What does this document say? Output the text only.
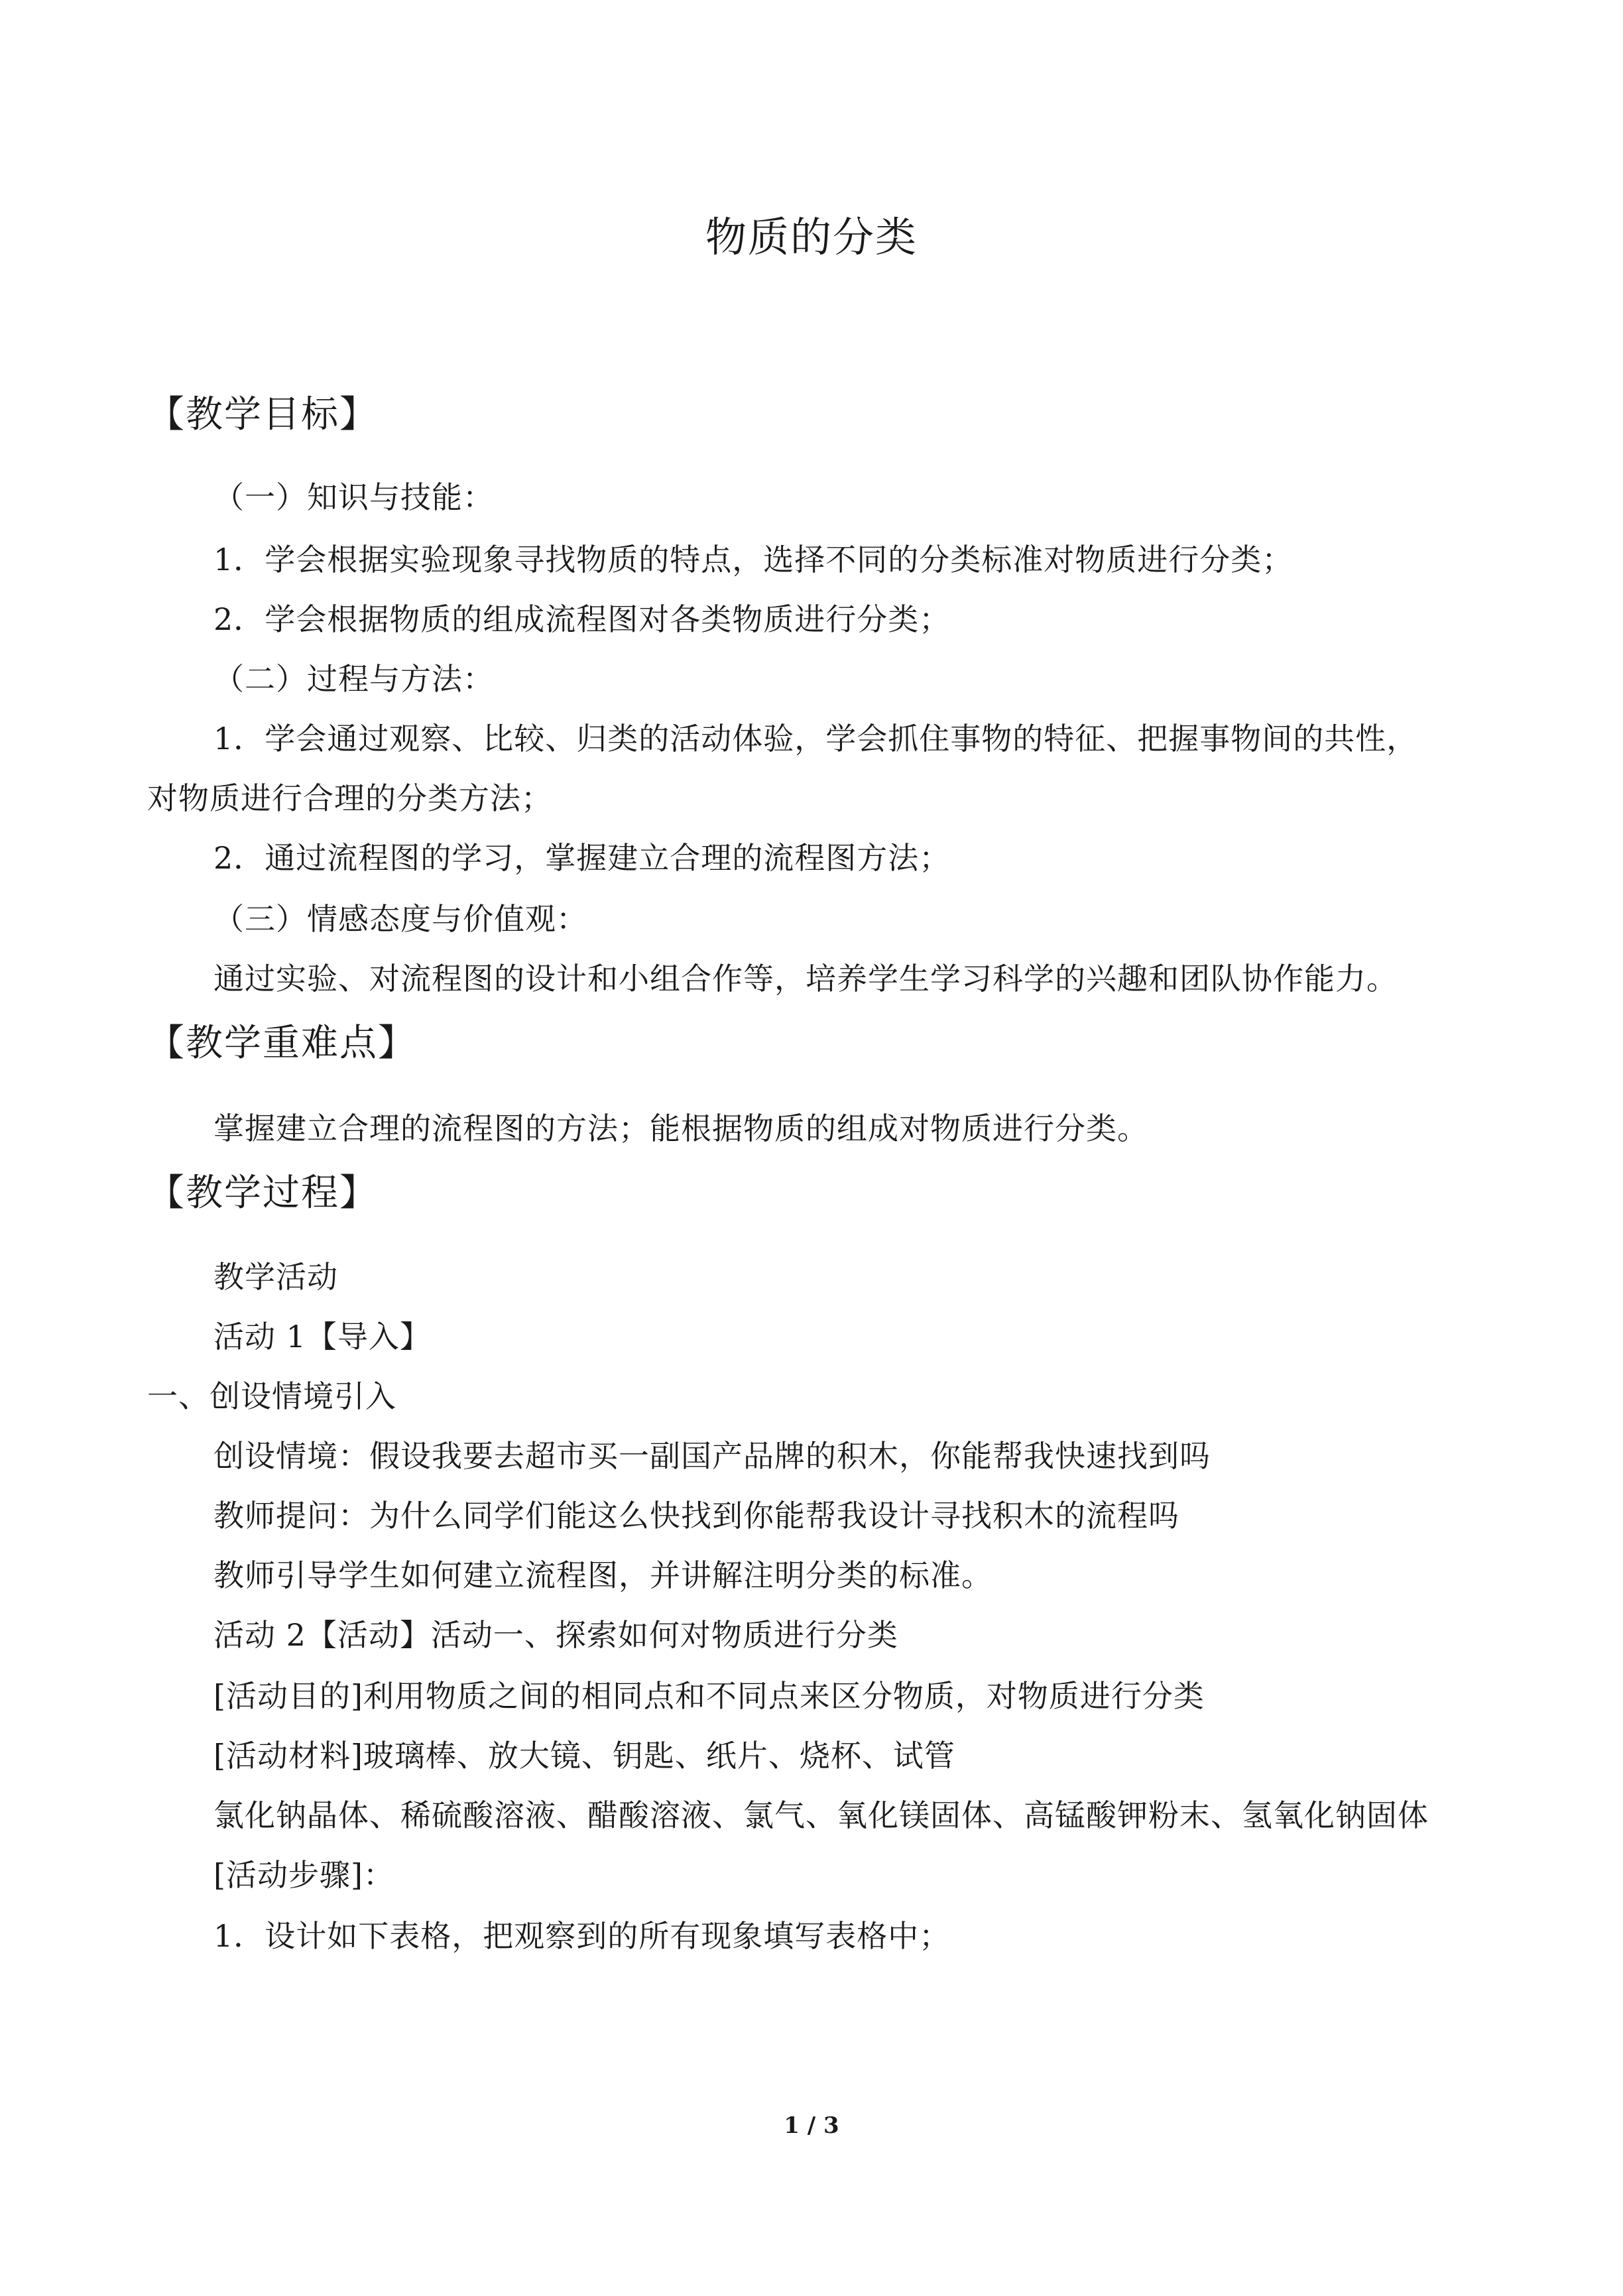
物质的分类
【教学目标】
（一）知识与技能：
1．学会根据实验现象寻找物质的特点，选择不同的分类标准对物质进行分类；
2．学会根据物质的组成流程图对各类物质进行分类；
（二）过程与方法：
1．学会通过观察、比较、归类的活动体验，学会抓住事物的特征、把握事物间的共性，
对物质进行合理的分类方法；
2．通过流程图的学习，掌握建立合理的流程图方法；
（三）情感态度与价值观：
通过实验、对流程图的设计和小组合作等，培养学生学习科学的兴趣和团队协作能力。
【教学重难点】
掌握建立合理的流程图的方法；能根据物质的组成对物质进行分类。
【教学过程】
教学活动
活动 1【导入】
一、创设情境引入
创设情境：假设我要去超市买一副国产品牌的积木，你能帮我快速找到吗
教师提问：为什么同学们能这么快找到你能帮我设计寻找积木的流程吗
教师引导学生如何建立流程图，并讲解注明分类的标准。
活动 2【活动】活动一、探索如何对物质进行分类
[活动目的]利用物质之间的相同点和不同点来区分物质，对物质进行分类
[活动材料]玻璃棒、放大镜、钥匙、纸片、烧杯、试管
氯化钠晶体、稀硫酸溶液、醋酸溶液、氯气、氧化镁固体、高锰酸钾粉末、氢氧化钠固体
[活动步骤]：
1．设计如下表格，把观察到的所有现象填写表格中；
1 / 3
